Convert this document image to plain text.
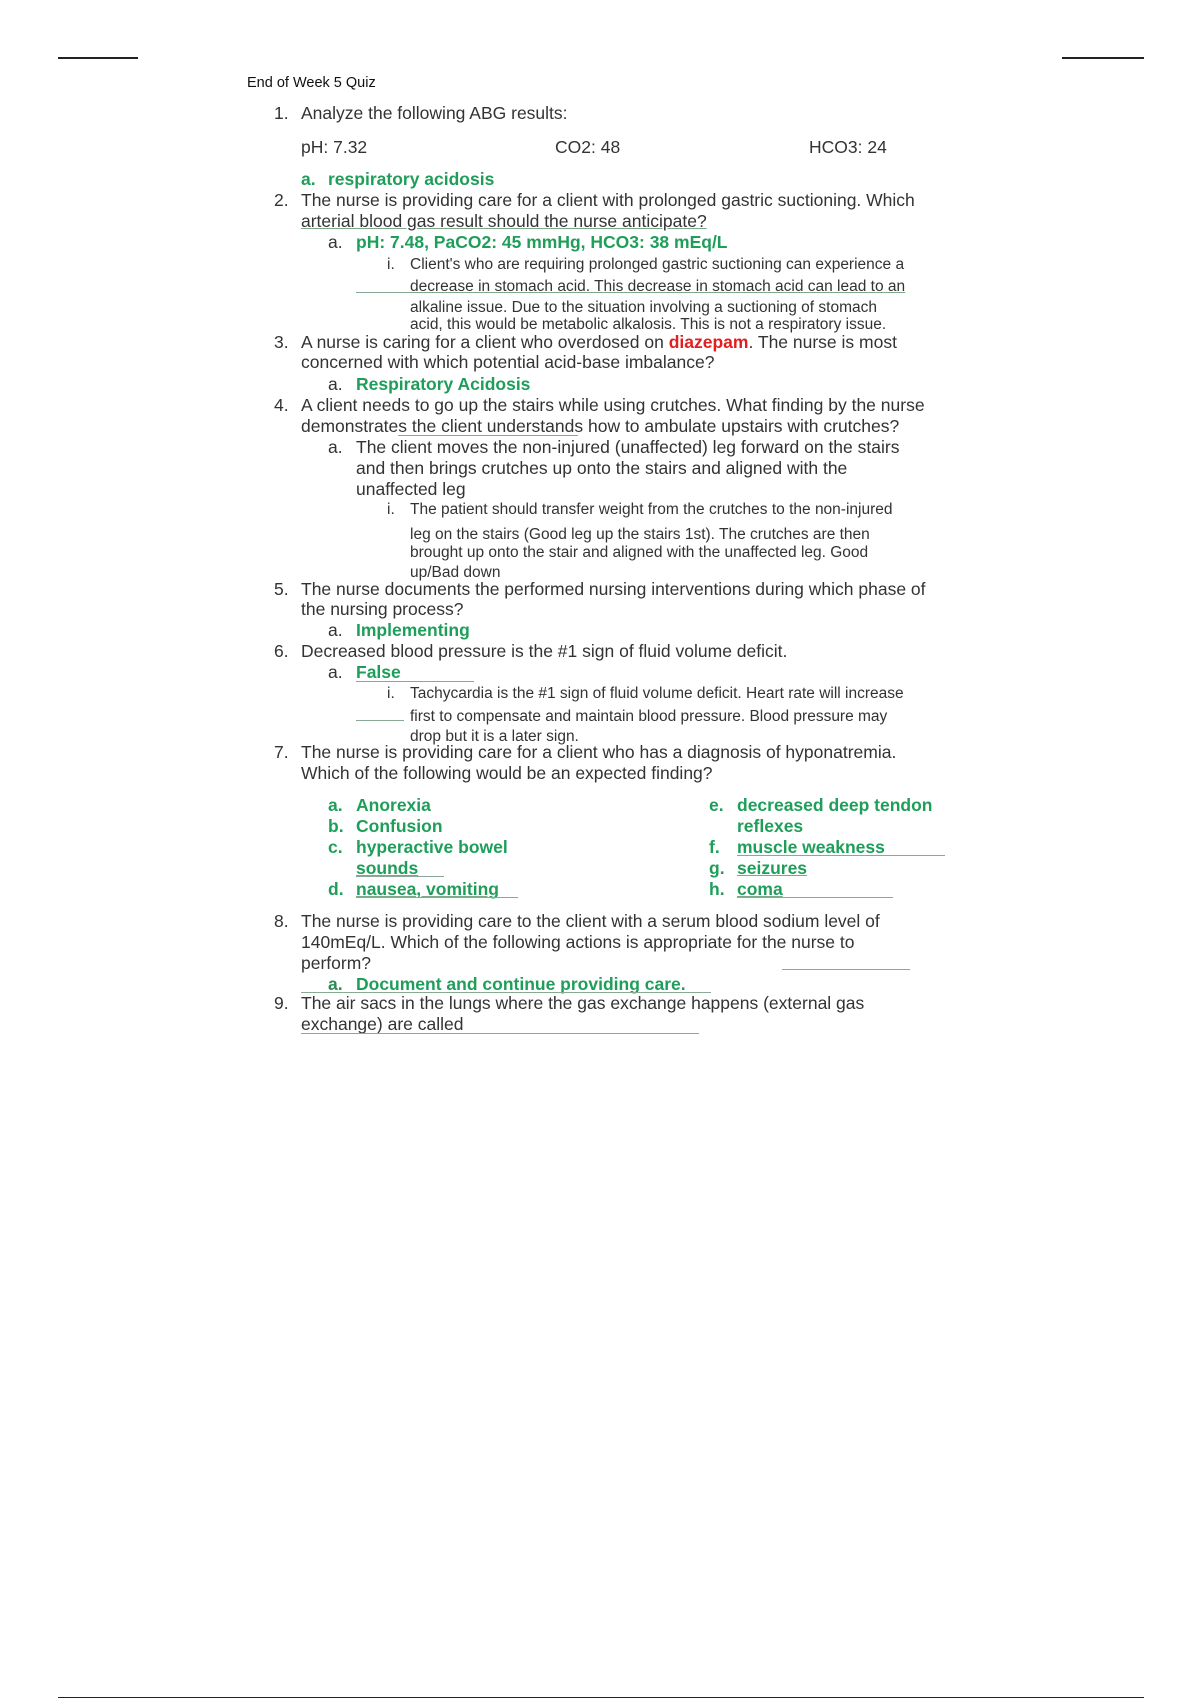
End of Week 5 Quiz
1. Analyze the following ABG results:
pH: 7.32	CO2: 48	HCO3: 24
a. respiratory acidosis
2. The nurse is providing care for a client with prolonged gastric suctioning. Which
arterial blood gas result should the nurse anticipate?
a. pH: 7.48, PaCO2: 45 mmHg, HCO3: 38 mEq/L
i. Client's who are requiring prolonged gastric suctioning can experience a
decrease in stomach acid. This decrease in stomach acid can lead to an
alkaline issue. Due to the situation involving a suctioning of stomach
acid, this would be metabolic alkalosis. This is not a respiratory issue.
3. A nurse is caring for a client who overdosed on diazepam. The nurse is most
concerned with which potential acid-base imbalance?
a. Respiratory Acidosis
4. A client needs to go up the stairs while using crutches. What finding by the nurse
demonstrates the client understands how to ambulate upstairs with crutches?
a. The client moves the non-injured (unaffected) leg forward on the stairs
and then brings crutches up onto the stairs and aligned with the
unaffected leg
i. The patient should transfer weight from the crutches to the non-injured
leg on the stairs (Good leg up the stairs 1st). The crutches are then
brought up onto the stair and aligned with the unaffected leg. Good
up/Bad down
5. The nurse documents the performed nursing interventions during which phase of
the nursing process?
a. Implementing
6. Decreased blood pressure is the #1 sign of fluid volume deficit.
a. False
i. Tachycardia is the #1 sign of fluid volume deficit. Heart rate will increase
first to compensate and maintain blood pressure. Blood pressure may
drop but it is a later sign.
7. The nurse is providing care for a client who has a diagnosis of hyponatremia.
Which of the following would be an expected finding?
a. Anorexia
b. Confusion
c. hyperactive bowel
sounds
d. nausea, vomiting
e. decreased deep tendon
reflexes
f. muscle weakness
g. seizures
h. coma
8. The nurse is providing care to the client with a serum blood sodium level of
140mEq/L. Which of the following actions is appropriate for the nurse to
perform?
a. Document and continue providing care.
9. The air sacs in the lungs where the gas exchange happens (external gas
exchange) are called
